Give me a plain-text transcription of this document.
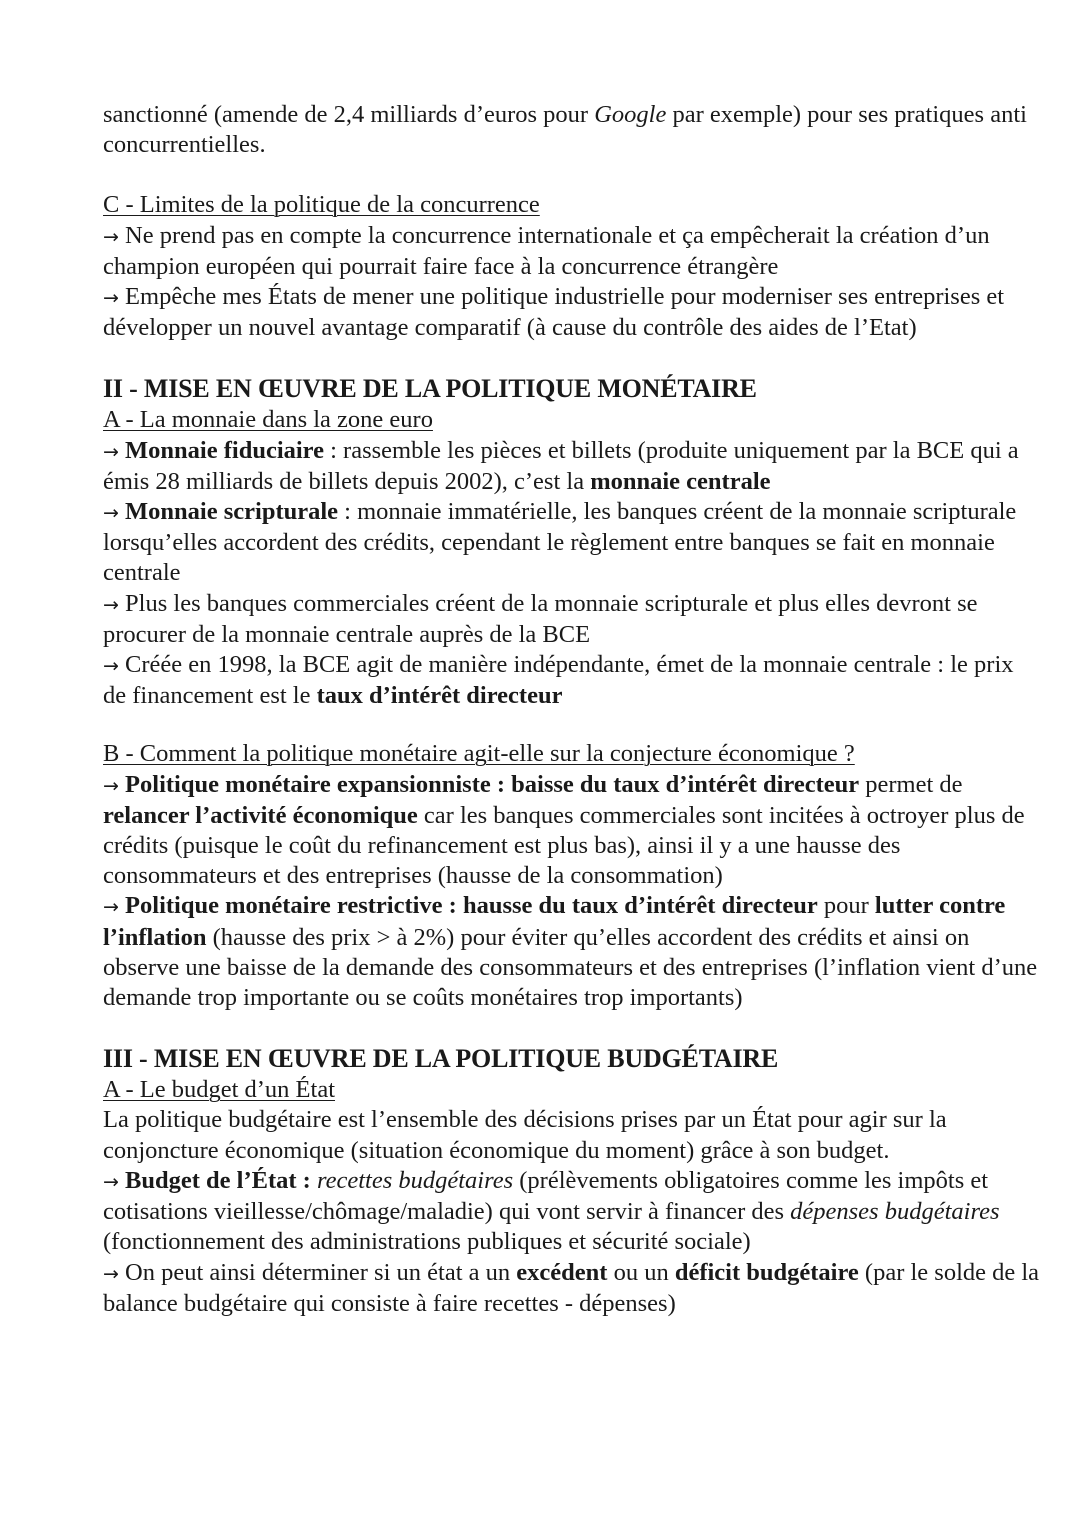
sanctionné (amende de 2,4 milliards d’euros pour Google par exemple) pour ses pratiques anti concurrentielles.

C - Limites de la politique de la concurrence

→ Ne prend pas en compte la concurrence internationale et ça empêcherait la création d’un champion européen qui pourrait faire face à la concurrence étrangère

→ Empêche mes États de mener une politique industrielle pour moderniser ses entreprises et développer un nouvel avantage comparatif (à cause du contrôle des aides de l’Etat)

II - MISE EN ŒUVRE DE LA POLITIQUE MONÉTAIRE

A - La monnaie dans la zone euro

→ Monnaie fiduciaire : rassemble les pièces et billets (produite uniquement par la BCE qui a émis 28 milliards de billets depuis 2002), c’est la monnaie centrale

→ Monnaie scripturale : monnaie immatérielle, les banques créent de la monnaie scripturale lorsqu’elles accordent des crédits, cependant le règlement entre banques se fait en monnaie centrale

→ Plus les banques commerciales créent de la monnaie scripturale et plus elles devront se procurer de la monnaie centrale auprès de la BCE

→ Créée en 1998, la BCE agit de manière indépendante, émet de la monnaie centrale : le prix de financement est le taux d’intérêt directeur

B - Comment la politique monétaire agit-elle sur la conjecture économique ?

→ Politique monétaire expansionniste : baisse du taux d’intérêt directeur permet de relancer l’activité économique car les banques commerciales sont incitées à octroyer plus de crédits (puisque le coût du refinancement est plus bas), ainsi il y a une hausse des consommateurs et des entreprises (hausse de la consommation)

→ Politique monétaire restrictive : hausse du taux d’intérêt directeur pour lutter contre l’inflation (hausse des prix > à 2%) pour éviter qu’elles accordent des crédits et ainsi on observe une baisse de la demande des consommateurs et des entreprises (l’inflation vient d’une demande trop importante ou se coûts monétaires trop importants)

III - MISE EN ŒUVRE DE LA POLITIQUE BUDGÉTAIRE

A - Le budget d’un État

La politique budgétaire est l’ensemble des décisions prises par un État pour agir sur la conjoncture économique (situation économique du moment) grâce à son budget.

→ Budget de l’État : recettes budgétaires (prélèvements obligatoires comme les impôts et cotisations vieillesse/chômage/maladie) qui vont servir à financer des dépenses budgétaires (fonctionnement des administrations publiques et sécurité sociale)

→ On peut ainsi déterminer si un état a un excédent ou un déficit budgétaire (par le solde de la balance budgétaire qui consiste à faire recettes - dépenses)
